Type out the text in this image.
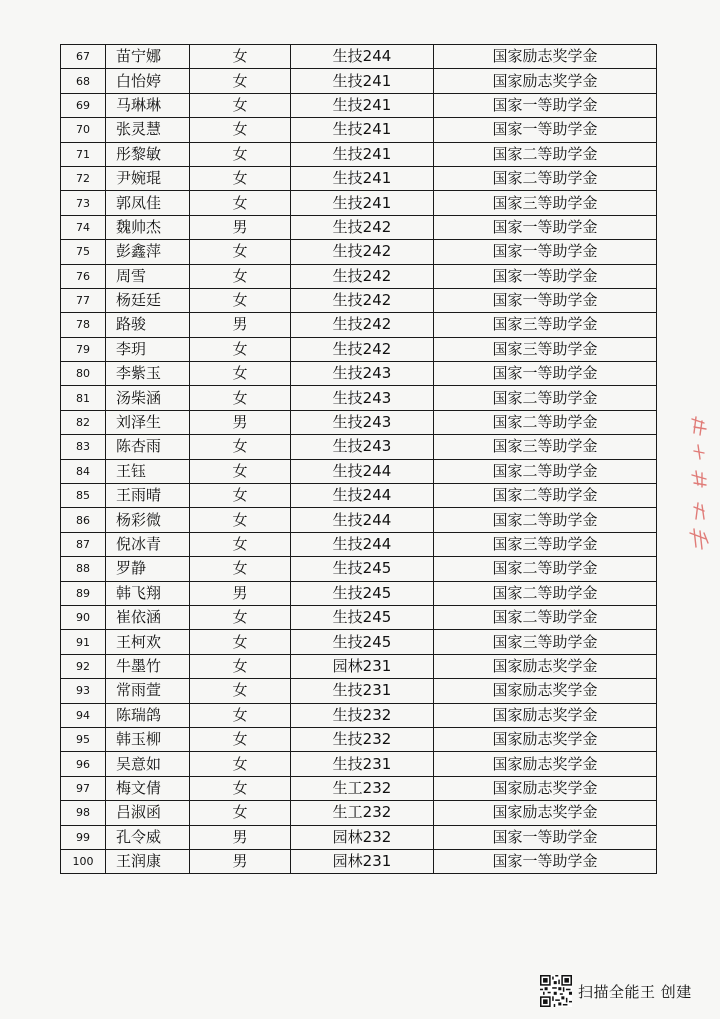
67	苗宁娜	女	生技244	国家励志奖学金
68	白怡婷	女	生技241	国家励志奖学金
69	马琳琳	女	生技241	国家一等助学金
70	张灵慧	女	生技241	国家一等助学金
71	彤黎敏	女	生技241	国家二等助学金
72	尹婉琨	女	生技241	国家二等助学金
73	郭凤佳	女	生技241	国家三等助学金
74	魏帅杰	男	生技242	国家一等助学金
75	彭鑫萍	女	生技242	国家一等助学金
76	周雪	女	生技242	国家一等助学金
77	杨廷廷	女	生技242	国家一等助学金
78	路骏	男	生技242	国家三等助学金
79	李玥	女	生技242	国家三等助学金
80	李紫玉	女	生技243	国家一等助学金
81	汤柴涵	女	生技243	国家二等助学金
82	刘泽生	男	生技243	国家二等助学金
83	陈杏雨	女	生技243	国家三等助学金
84	王钰	女	生技244	国家二等助学金
85	王雨晴	女	生技244	国家二等助学金
86	杨彩微	女	生技244	国家二等助学金
87	倪冰青	女	生技244	国家三等助学金
88	罗静	女	生技245	国家二等助学金
89	韩飞翔	男	生技245	国家二等助学金
90	崔依涵	女	生技245	国家二等助学金
91	王柯欢	女	生技245	国家三等助学金
92	牛墨竹	女	园林231	国家励志奖学金
93	常雨萱	女	生技231	国家励志奖学金
94	陈瑞鸽	女	生技232	国家励志奖学金
95	韩玉柳	女	生技232	国家励志奖学金
96	吴意如	女	生技231	国家励志奖学金
97	梅文倩	女	生工232	国家励志奖学金
98	吕淑函	女	生工232	国家励志奖学金
99	孔令威	男	园林232	国家一等助学金
100	王润康	男	园林231	国家一等助学金
扫描全能王 创建
